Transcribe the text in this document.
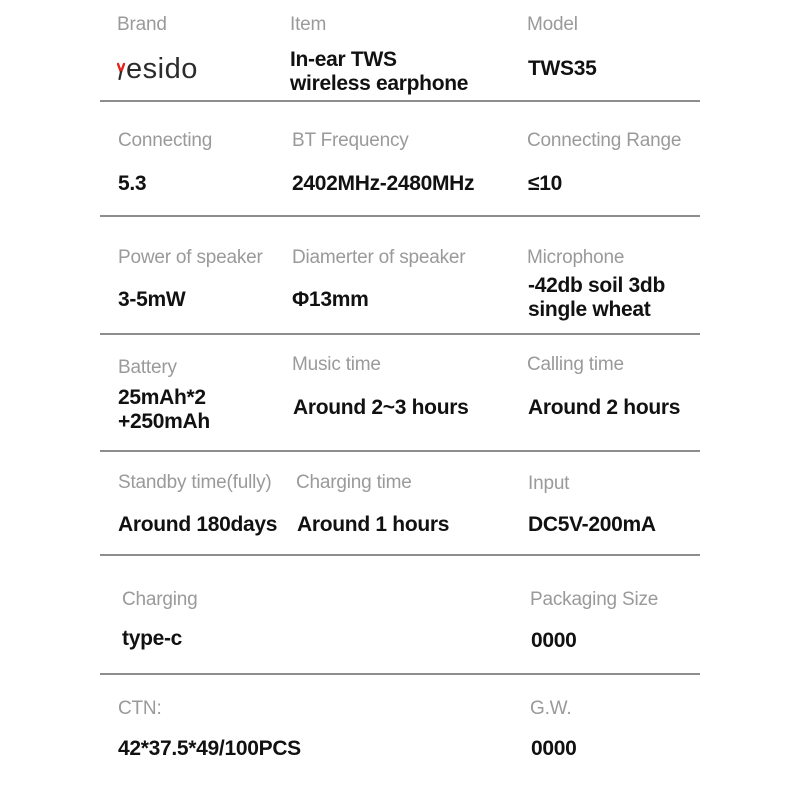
Brand
esido
Item
In-ear TWS
wireless earphone
Model
TWS35
Connecting
5.3
BT Frequency
2402MHz-2480MHz
Connecting Range
≤10
Power of speaker
3-5mW
Diamerter of speaker
Φ13mm
Microphone
-42db soil 3db
single wheat
Battery
25mAh*2
+250mAh
Music time
Around 2~3 hours
Calling time
Around 2 hours
Standby time(fully)
Around 180days
Charging time
Around 1 hours
Input
DC5V-200mA
Charging
type-c
Packaging Size
0000
CTN:
42*37.5*49/100PCS
G.W.
0000
